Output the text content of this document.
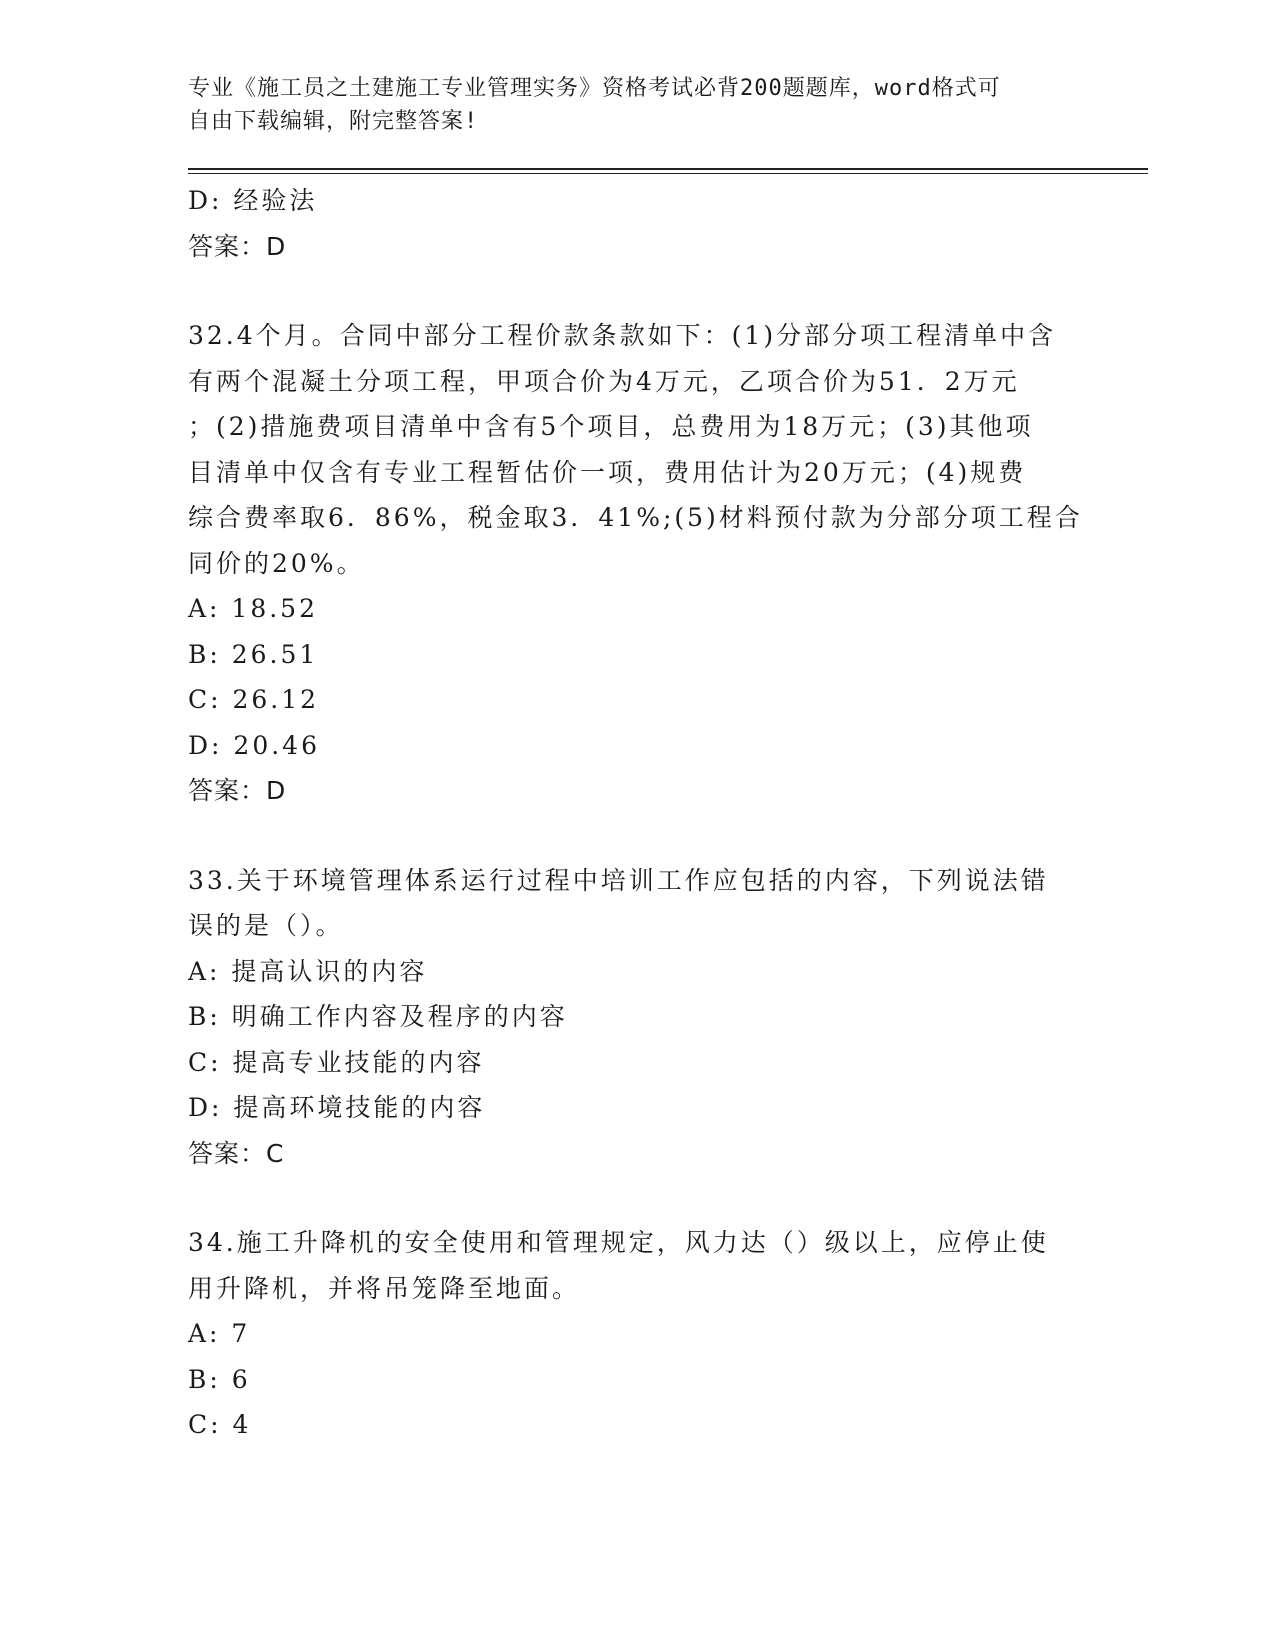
专业《施工员之土建施工专业管理实务》资格考试必背200题题库，word格式可
自由下载编辑，附完整答案!
D: 经验法
答案：D
32.4个月。合同中部分工程价款条款如下：(1)分部分项工程清单中含
有两个混凝土分项工程，甲项合价为4万元，乙项合价为51．2万元
；(2)措施费项目清单中含有5个项目，总费用为18万元；(3)其他项
目清单中仅含有专业工程暂估价一项，费用估计为20万元；(4)规费
综合费率取6．86%，税金取3．41%;(5)材料预付款为分部分项工程合
同价的20%。
A: 18.52
B: 26.51
C: 26.12
D: 20.46
答案：D
33.关于环境管理体系运行过程中培训工作应包括的内容，下列说法错
误的是（）。
A: 提高认识的内容
B: 明确工作内容及程序的内容
C: 提高专业技能的内容
D: 提高环境技能的内容
答案：C
34.施工升降机的安全使用和管理规定，风力达（）级以上，应停止使
用升降机，并将吊笼降至地面。
A: 7
B: 6
C: 4
